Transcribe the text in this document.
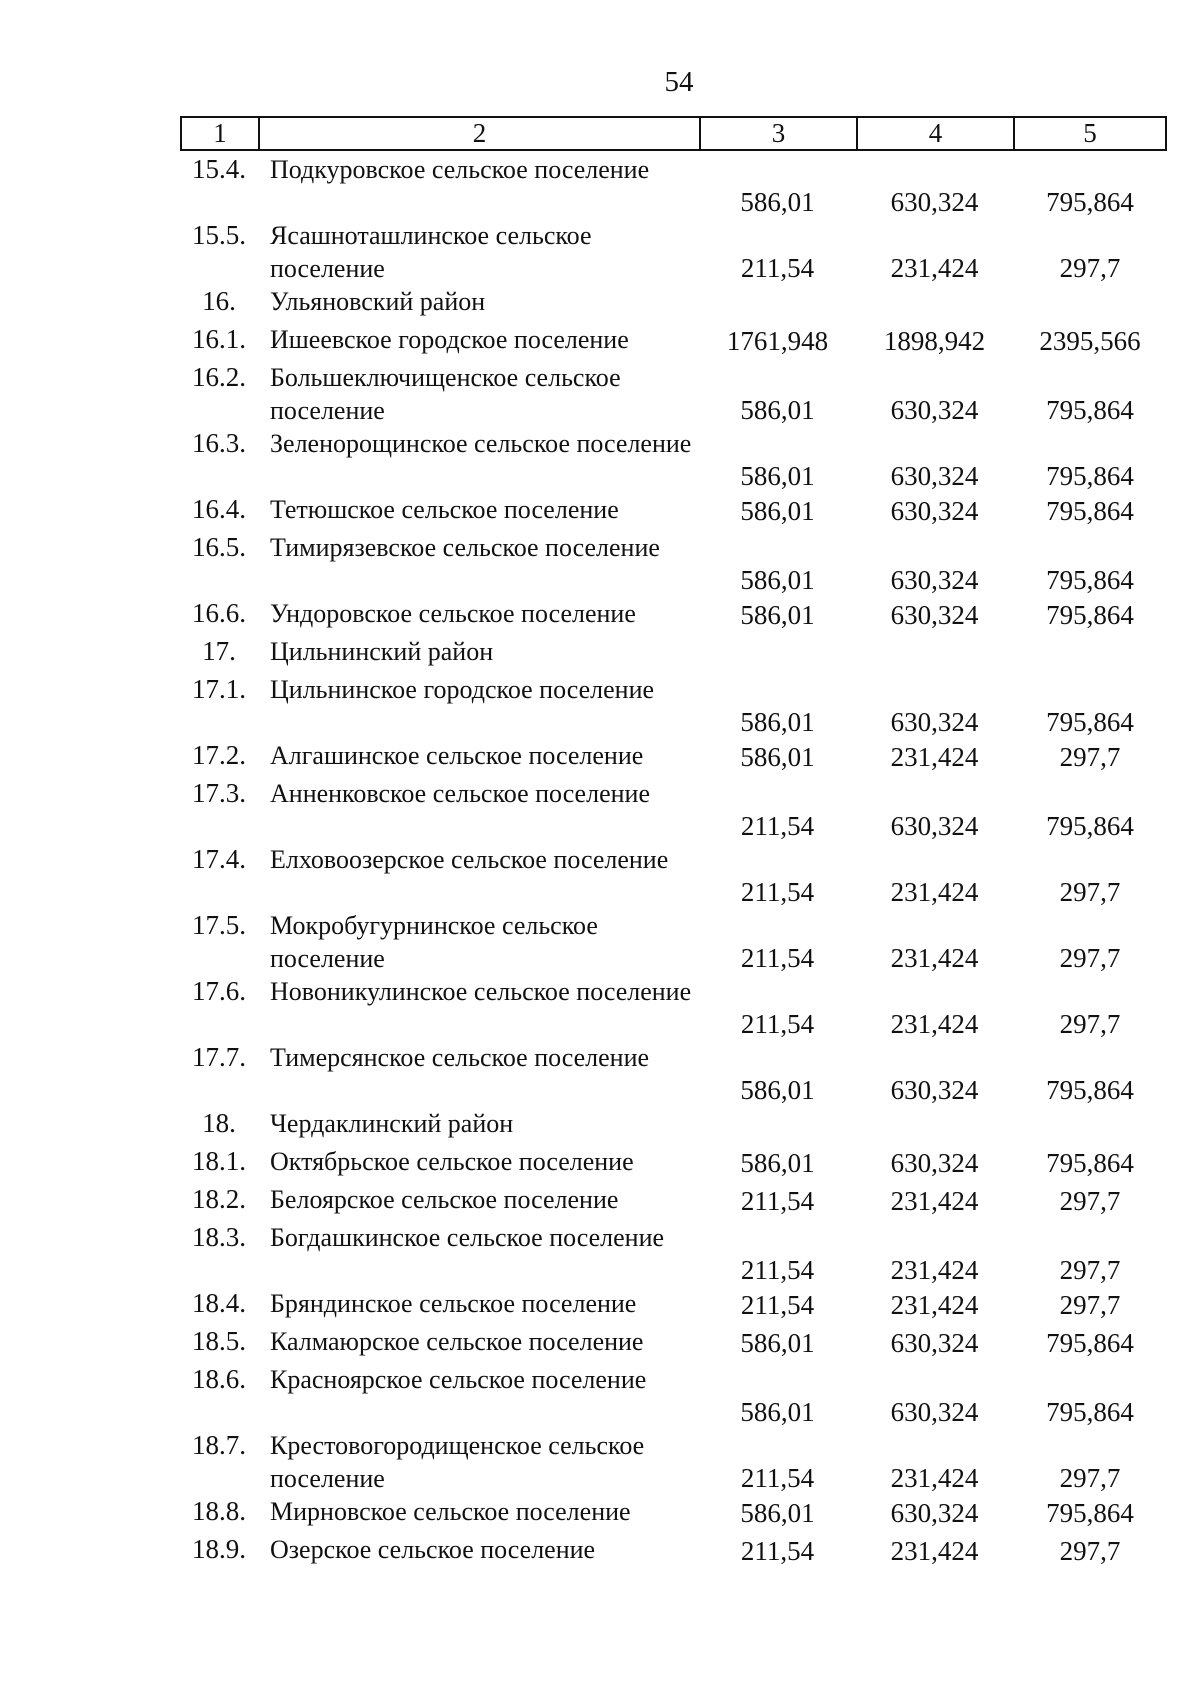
54
1	2	3	4	5
15.4. Подкуровское сельское поселение
586,01	630,324	795,864
15.5. Ясашноташлинское сельское поселение	211,54	231,424	297,7
16.	Ульяновский район
16.1. Ишеевское городское поселение	1761,948	1898,942	2395,566
16.2. Большеключищенское сельское поселение	586,01	630,324	795,864
16.3. Зеленорощинское сельское поселение
586,01	630,324	795,864
16.4. Тетюшское сельское поселение	586,01	630,324	795,864
16.5. Тимирязевское сельское поселение
586,01	630,324	795,864
16.6. Ундоровское сельское поселение	586,01	630,324	795,864
17.	Цильнинский район
17.1. Цильнинское городское поселение
586,01	630,324	795,864
17.2. Алгашинское сельское поселение	586,01	231,424	297,7
17.3. Анненковское сельское поселение
211,54	630,324	795,864
17.4. Елховоозерское сельское поселение
211,54	231,424	297,7
17.5. Мокробугурнинское сельское поселение	211,54	231,424	297,7
17.6. Новоникулинское сельское поселение
211,54	231,424	297,7
17.7. Тимерсянское сельское поселение
586,01	630,324	795,864
18.	Чердаклинский район
18.1. Октябрьское сельское поселение	586,01	630,324	795,864
18.2. Белоярское сельское поселение	211,54	231,424	297,7
18.3. Богдашкинское сельское поселение
211,54	231,424	297,7
18.4. Бряндинское сельское поселение	211,54	231,424	297,7
18.5. Калмаюрское сельское поселение	586,01	630,324	795,864
18.6. Красноярское сельское поселение
586,01	630,324	795,864
18.7. Крестовогородищенское сельское поселение	211,54	231,424	297,7
18.8. Мирновское сельское поселение	586,01	630,324	795,864
18.9. Озерское сельское поселение	211,54	231,424	297,7
